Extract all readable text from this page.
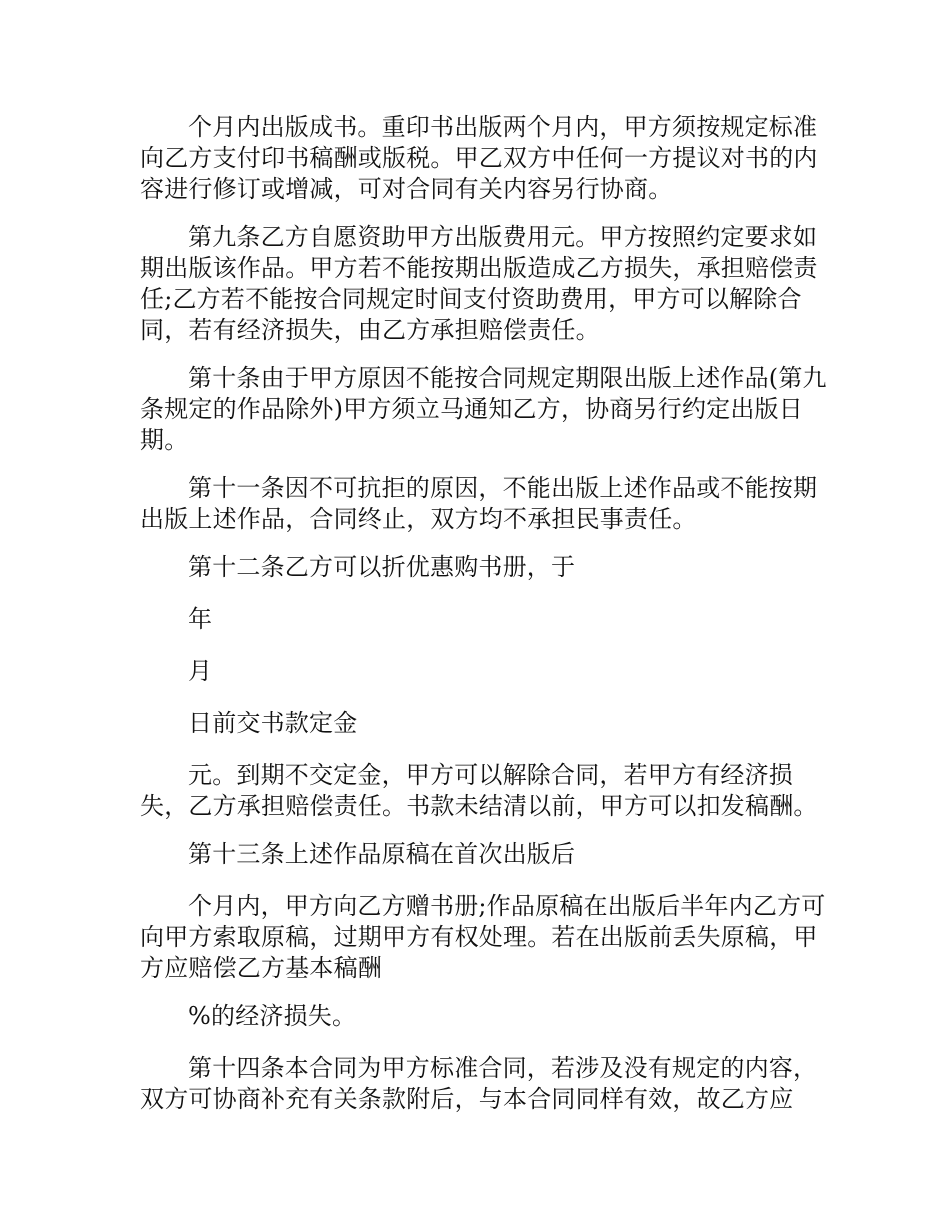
个月内出版成书。重印书出版两个月内，甲方须按规定标准向乙方支付印书稿酬或版税。甲乙双方中任何一方提议对书的内容进行修订或增减，可对合同有关内容另行协商。

第九条乙方自愿资助甲方出版费用元。甲方按照约定要求如期出版该作品。甲方若不能按期出版造成乙方损失，承担赔偿责任;乙方若不能按合同规定时间支付资助费用，甲方可以解除合同，若有经济损失，由乙方承担赔偿责任。

第十条由于甲方原因不能按合同规定期限出版上述作品(第九条规定的作品除外)甲方须立马通知乙方，协商另行约定出版日期。

第十一条因不可抗拒的原因，不能出版上述作品或不能按期出版上述作品，合同终止，双方均不承担民事责任。

第十二条乙方可以折优惠购书册，于

年

月

日前交书款定金

元。到期不交定金，甲方可以解除合同，若甲方有经济损失，乙方承担赔偿责任。书款未结清以前，甲方可以扣发稿酬。

第十三条上述作品原稿在首次出版后

个月内，甲方向乙方赠书册;作品原稿在出版后半年内乙方可向甲方索取原稿，过期甲方有权处理。若在出版前丢失原稿，甲方应赔偿乙方基本稿酬

%的经济损失。

第十四条本合同为甲方标准合同，若涉及没有规定的内容，双方可协商补充有关条款附后，与本合同同样有效，故乙方应
